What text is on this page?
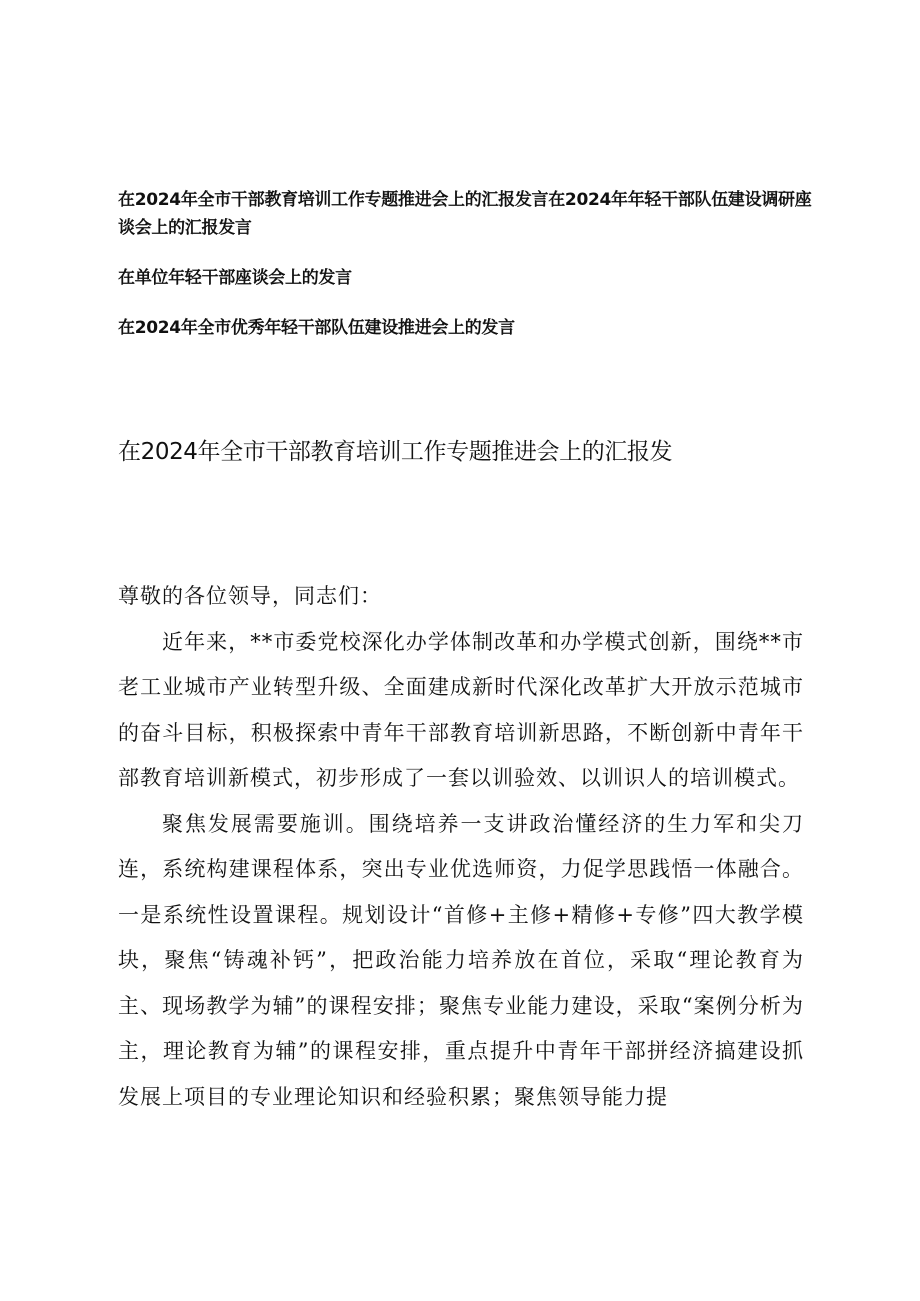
在2024年全市干部教育培训工作专题推进会上的汇报发言在2024年年轻干部队伍建设调研座谈会上的汇报发言

在单位年轻干部座谈会上的发言

在2024年全市优秀年轻干部队伍建设推进会上的发言

在2024年全市干部教育培训工作专题推进会上的汇报发

尊敬的各位领导，同志们：

近年来，**市委党校深化办学体制改革和办学模式创新，围绕**市老工业城市产业转型升级、全面建成新时代深化改革扩大开放示范城市的奋斗目标，积极探索中青年干部教育培训新思路，不断创新中青年干部教育培训新模式，初步形成了一套以训验效、以训识人的培训模式。

聚焦发展需要施训。围绕培养一支讲政治懂经济的生力军和尖刀连，系统构建课程体系，突出专业优选师资，力促学思践悟一体融合。一是系统性设置课程。规划设计“首修+主修+精修+专修”四大教学模块，聚焦“铸魂补钙”，把政治能力培养放在首位，采取“理论教育为主、现场教学为辅”的课程安排；聚焦专业能力建设，采取“案例分析为主，理论教育为辅”的课程安排，重点提升中青年干部拼经济搞建设抓发展上项目的专业理论知识和经验积累；聚焦领导能力提
